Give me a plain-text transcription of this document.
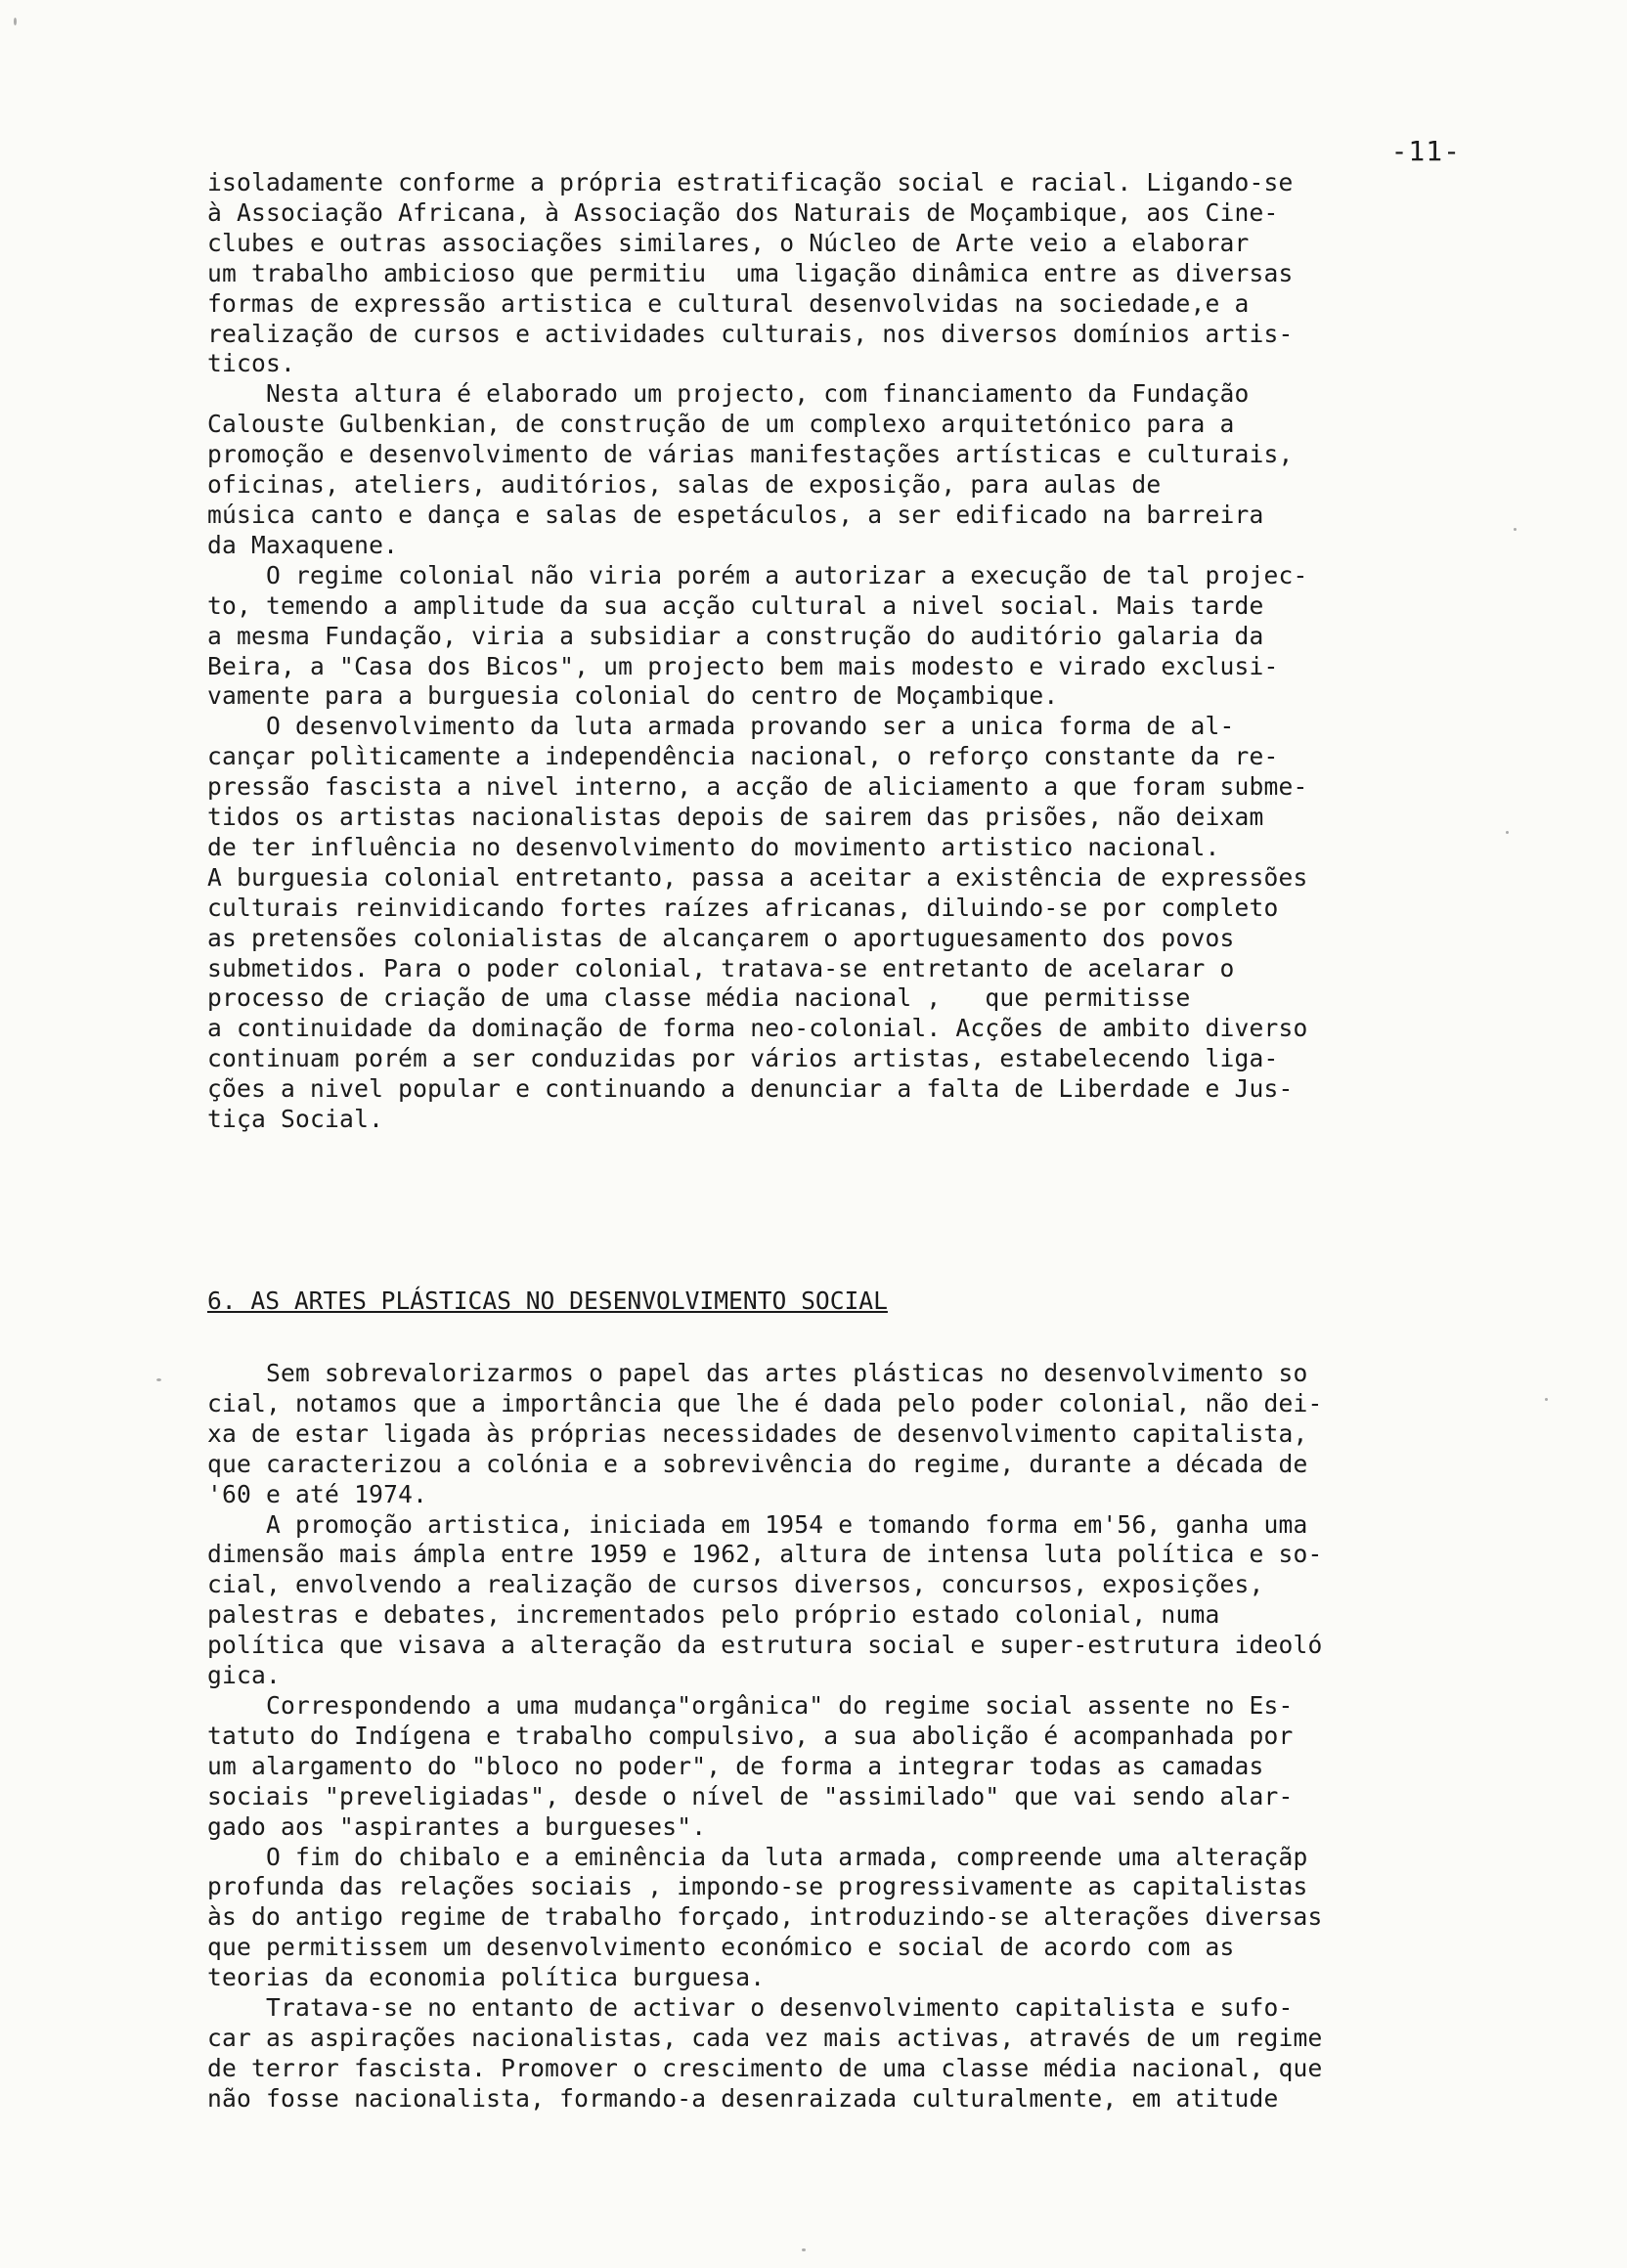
-11-
isoladamente conforme a própria estratificação social e racial. Ligando-se
à Associação Africana, à Associação dos Naturais de Moçambique, aos Cine-
clubes e outras associações similares, o Núcleo de Arte veio a elaborar
um trabalho ambicioso que permitiu  uma ligação dinâmica entre as diversas
formas de expressão artistica e cultural desenvolvidas na sociedade,e a
realização de cursos e actividades culturais, nos diversos domínios artis-
ticos.
Nesta altura é elaborado um projecto, com financiamento da Fundação
Calouste Gulbenkian, de construção de um complexo arquitetónico para a
promoção e desenvolvimento de várias manifestações artísticas e culturais,
oficinas, ateliers, auditórios, salas de exposição, para aulas de
música canto e dança e salas de espetáculos, a ser edificado na barreira
da Maxaquene.
O regime colonial não viria porém a autorizar a execução de tal projec-
to, temendo a amplitude da sua acção cultural a nivel social. Mais tarde
a mesma Fundação, viria a subsidiar a construção do auditório galaria da
Beira, a "Casa dos Bicos", um projecto bem mais modesto e virado exclusi-
vamente para a burguesia colonial do centro de Moçambique.
O desenvolvimento da luta armada provando ser a unica forma de al-
cançar polìticamente a independência nacional, o reforço constante da re-
pressão fascista a nivel interno, a acção de aliciamento a que foram subme-
tidos os artistas nacionalistas depois de sairem das prisões, não deixam
de ter influência no desenvolvimento do movimento artistico nacional.
A burguesia colonial entretanto, passa a aceitar a existência de expressões
culturais reinvidicando fortes raízes africanas, diluindo-se por completo
as pretensões colonialistas de alcançarem o aportuguesamento dos povos
submetidos. Para o poder colonial, tratava-se entretanto de acelarar o
processo de criação de uma classe média nacional ,   que permitisse
a continuidade da dominação de forma neo-colonial. Acções de ambito diverso
continuam porém a ser conduzidas por vários artistas, estabelecendo liga-
ções a nivel popular e continuando a denunciar a falta de Liberdade e Jus-
tiça Social.
6. AS ARTES PLÁSTICAS NO DESENVOLVIMENTO SOCIAL
Sem sobrevalorizarmos o papel das artes plásticas no desenvolvimento so
cial, notamos que a importância que lhe é dada pelo poder colonial, não dei-
xa de estar ligada às próprias necessidades de desenvolvimento capitalista,
que caracterizou a colónia e a sobrevivência do regime, durante a década de
'60 e até 1974.
A promoção artistica, iniciada em 1954 e tomando forma em'56, ganha uma
dimensão mais ámpla entre 1959 e 1962, altura de intensa luta política e so-
cial, envolvendo a realização de cursos diversos, concursos, exposições,
palestras e debates, incrementados pelo próprio estado colonial, numa
política que visava a alteração da estrutura social e super-estrutura ideoló
gica.
Correspondendo a uma mudança"orgânica" do regime social assente no Es-
tatuto do Indígena e trabalho compulsivo, a sua abolição é acompanhada por
um alargamento do "bloco no poder", de forma a integrar todas as camadas
sociais "preveligiadas", desde o nível de "assimilado" que vai sendo alar-
gado aos "aspirantes a burgueses".
O fim do chibalo e a eminência da luta armada, compreende uma alteraçãp
profunda das relações sociais , impondo-se progressivamente as capitalistas
às do antigo regime de trabalho forçado, introduzindo-se alterações diversas
que permitissem um desenvolvimento económico e social de acordo com as
teorias da economia política burguesa.
Tratava-se no entanto de activar o desenvolvimento capitalista e sufo-
car as aspirações nacionalistas, cada vez mais activas, através de um regime
de terror fascista. Promover o crescimento de uma classe média nacional, que
não fosse nacionalista, formando-a desenraizada culturalmente, em atitude
